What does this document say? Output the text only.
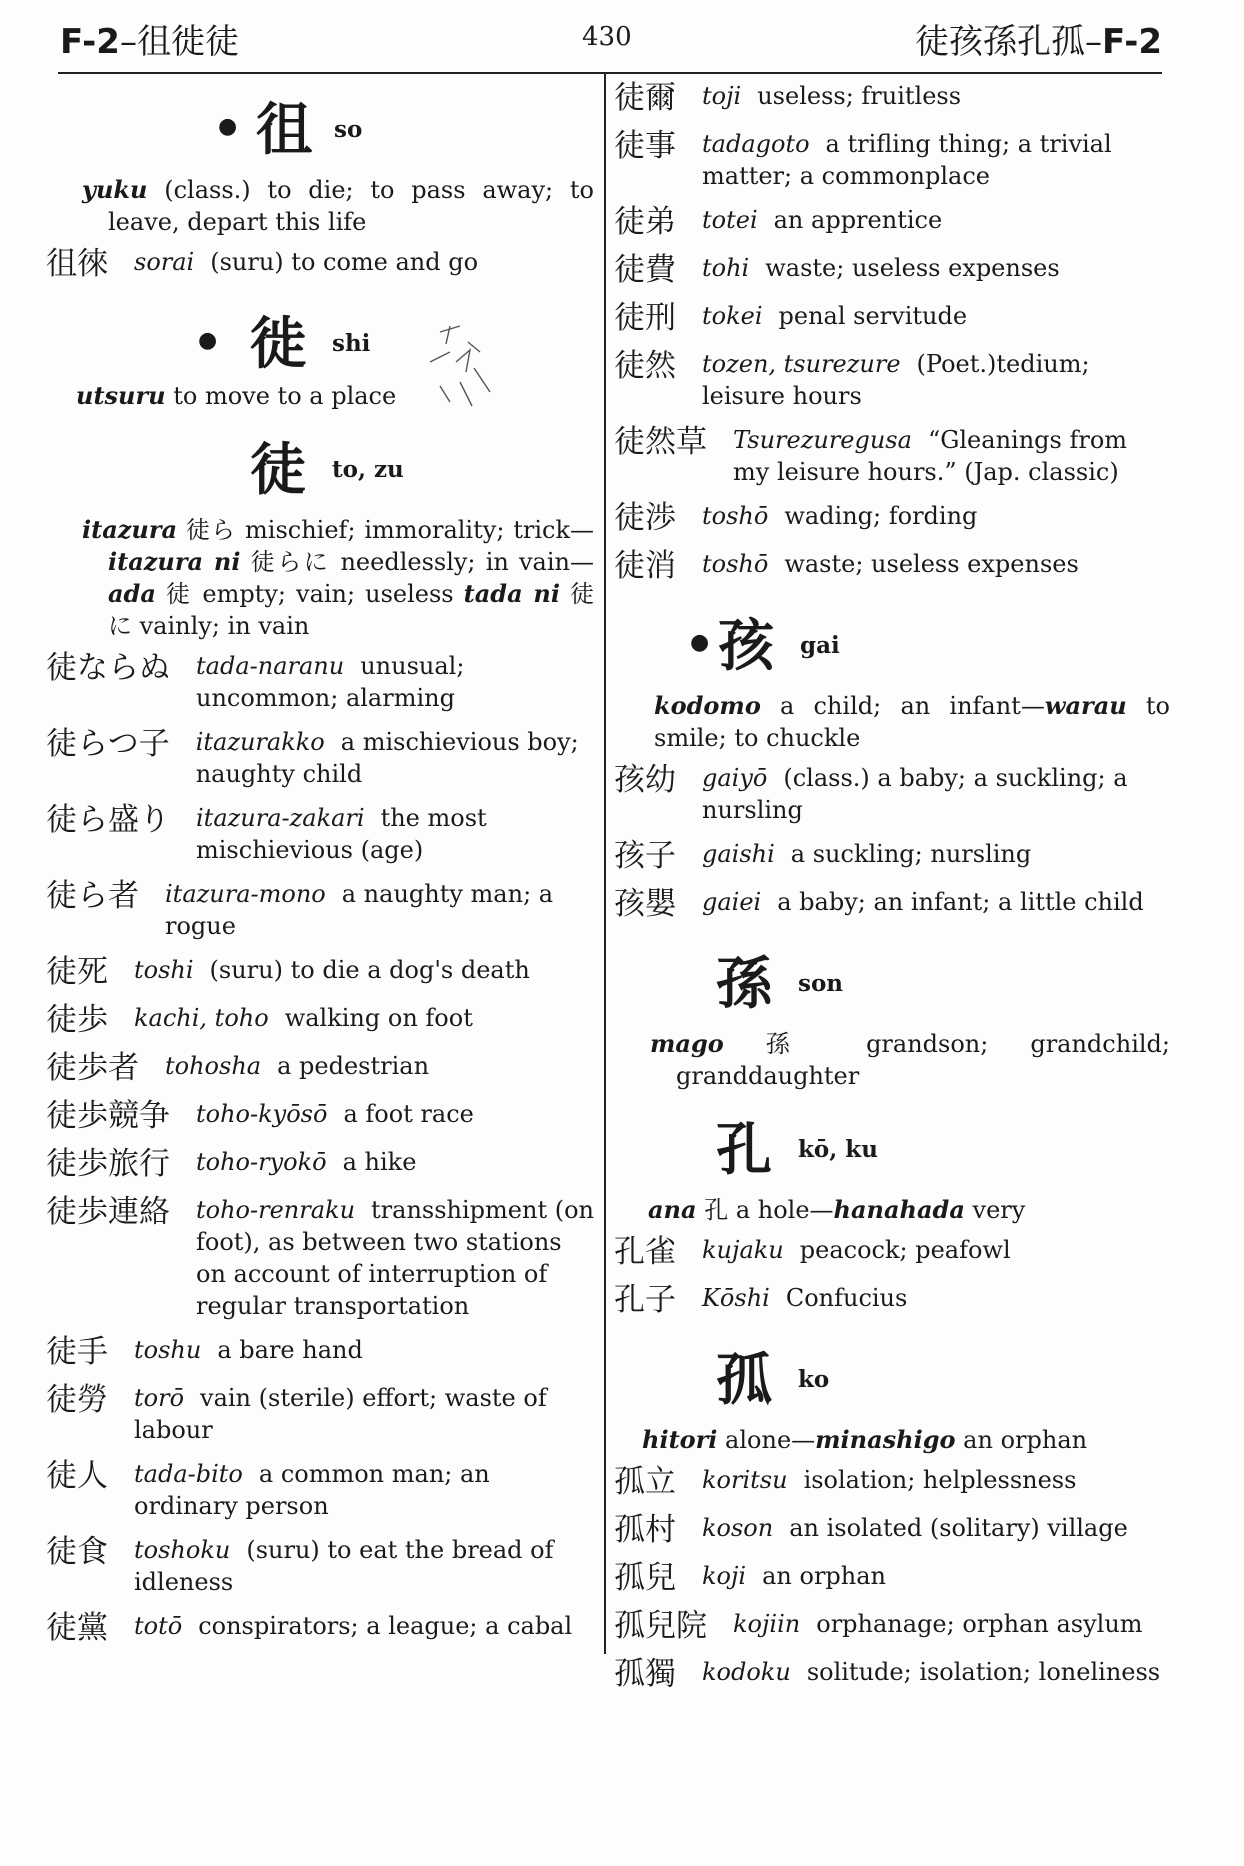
F-2–徂徙徒	430	徒孩孫孔孤–F-2
● 徂 so

yuku (class.) to die; to pass away; to leave, depart this life

徂徠 sorai (suru) to come and go
● 徙 shi

utsuru to move to a place

徒 to, zu

itazura 徒ら mischief; immorality; trick—itazura ni 徒らに needlessly; in vain—ada 徒 empty; vain; useless tada ni 徒に vainly; in vain

徒ならぬ tada-naranu unusual; uncommon; alarming
徒らつ子 itazurakko a mischievious boy; naughty child
徒ら盛り itazura-zakari the most mischievious (age)
徒ら者 itazura-mono a naughty man; a rogue
徒死 toshi (suru) to die a dog's death
徒歩 kachi, toho walking on foot
徒歩者 tohosha a pedestrian
徒歩競争 toho-kyōsō a foot race
徒歩旅行 toho-ryokō a hike
徒歩連絡 toho-renraku transshipment (on foot), as between two stations on account of interruption of regular transportation
徒手 toshu a bare hand
徒勞 torō vain (sterile) effort; waste of labour
徒人 tada-bito a common man; an ordinary person
徒食 toshoku (suru) to eat the bread of idleness
徒黨 totō conspirators; a league; a cabal
徒爾 toji useless; fruitless
徒事 tadagoto a trifling thing; a trivial matter; a commonplace
徒弟 totei an apprentice
徒費 tohi waste; useless expenses
徒刑 tokei penal servitude
徒然 tozen, tsurezure (Poet.)tedium; leisure hours
徒然草 Tsurezuregusa “Gleanings from my leisure hours.” (Jap. classic)
徒渉 toshō wading; fording
徒消 toshō waste; useless expenses
● 孩 gai

kodomo a child; an infant—warau to smile; to chuckle

孩幼 gaiyō (class.) a baby; a suckling; a nursling
孩子 gaishi a suckling; nursling
孩嬰 gaiei a baby; an infant; a little child
孫 son

mago 孫 grandson; grandchild; granddaughter

孔 kō, ku

ana 孔 a hole—hanahada very

孔雀 kujaku peacock; peafowl
孔子 Kōshi Confucius
孤 ko

hitori alone—minashigo an orphan

孤立 koritsu isolation; helplessness
孤村 koson an isolated (solitary) village
孤兒 koji an orphan
孤兒院 kojiin orphanage; orphan asylum
孤獨 kodoku solitude; isolation; loneliness
